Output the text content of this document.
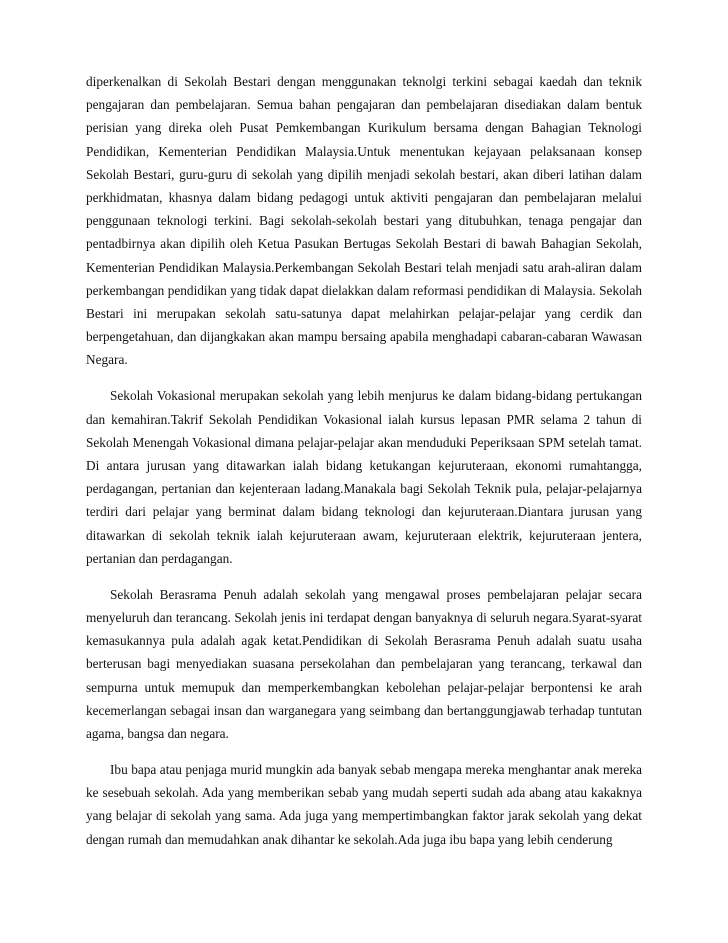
diperkenalkan di Sekolah Bestari dengan menggunakan teknolgi terkini sebagai kaedah dan teknik pengajaran dan pembelajaran. Semua bahan pengajaran dan pembelajaran disediakan dalam bentuk perisian yang direka oleh Pusat Pemkembangan Kurikulum bersama dengan Bahagian Teknologi Pendidikan, Kementerian Pendidikan Malaysia.Untuk menentukan kejayaan pelaksanaan konsep Sekolah Bestari, guru-guru di sekolah yang dipilih menjadi sekolah bestari, akan diberi latihan dalam perkhidmatan, khasnya dalam bidang pedagogi untuk aktiviti pengajaran dan pembelajaran melalui penggunaan teknologi terkini. Bagi sekolah-sekolah bestari yang ditubuhkan, tenaga pengajar dan pentadbirnya akan dipilih oleh Ketua Pasukan Bertugas Sekolah Bestari di bawah Bahagian Sekolah, Kementerian Pendidikan Malaysia.Perkembangan Sekolah Bestari telah menjadi satu arah-aliran dalam perkembangan pendidikan yang tidak dapat dielakkan dalam reformasi pendidikan di Malaysia. Sekolah Bestari ini merupakan sekolah satu-satunya dapat melahirkan pelajar-pelajar yang cerdik dan berpengetahuan, dan dijangkakan akan mampu bersaing apabila menghadapi cabaran-cabaran Wawasan Negara.

Sekolah Vokasional merupakan sekolah yang lebih menjurus ke dalam bidang-bidang pertukangan dan kemahiran.Takrif Sekolah Pendidikan Vokasional ialah kursus lepasan PMR selama 2 tahun di Sekolah Menengah Vokasional dimana pelajar-pelajar akan menduduki Peperiksaan SPM setelah tamat. Di antara jurusan yang ditawarkan ialah bidang ketukangan kejuruteraan, ekonomi rumahtangga, perdagangan, pertanian dan kejenteraan ladang.Manakala bagi Sekolah Teknik pula, pelajar-pelajarnya terdiri dari pelajar yang berminat dalam bidang teknologi dan kejuruteraan.Diantara jurusan yang ditawarkan di sekolah teknik ialah kejuruteraan awam, kejuruteraan elektrik, kejuruteraan jentera, pertanian dan perdagangan.

Sekolah Berasrama Penuh adalah sekolah yang mengawal proses pembelajaran pelajar secara menyeluruh dan terancang. Sekolah jenis ini terdapat dengan banyaknya di seluruh negara.Syarat-syarat kemasukannya pula adalah agak ketat.Pendidikan di Sekolah Berasrama Penuh adalah suatu usaha berterusan bagi menyediakan suasana persekolahan dan pembelajaran yang terancang, terkawal dan sempurna untuk memupuk dan memperkembangkan kebolehan pelajar-pelajar berpontensi ke arah kecemerlangan sebagai insan dan warganegara yang seimbang dan bertanggungjawab terhadap tuntutan agama, bangsa dan negara.

Ibu bapa atau penjaga murid mungkin ada banyak sebab mengapa mereka menghantar anak mereka ke sesebuah sekolah. Ada yang memberikan sebab yang mudah seperti sudah ada abang atau kakaknya yang belajar di sekolah yang sama. Ada juga yang mempertimbangkan faktor jarak sekolah yang dekat dengan rumah dan memudahkan anak dihantar ke sekolah.Ada juga ibu bapa yang lebih cenderung
